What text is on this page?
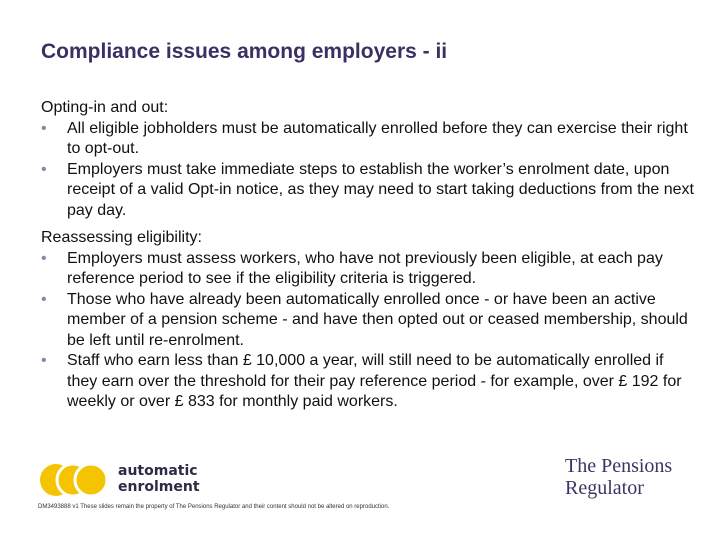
Compliance issues among employers - ii
Opting-in and out:
• All eligible jobholders must be automatically enrolled before they can exercise their right to opt-out.
• Employers must take immediate steps to establish the worker’s enrolment date, upon receipt of a valid Opt-in notice, as they may need to start taking deductions from the next pay day.
Reassessing eligibility:
• Employers must assess workers, who have not previously been eligible, at each pay reference period to see if the eligibility criteria is triggered.
• Those who have already been automatically enrolled once - or have been an active member of a pension scheme - and have then opted out or ceased membership, should be left until re-enrolment.
• Staff who earn less than £ 10,000 a year, will still need to be automatically enrolled if they earn over the threshold for their pay reference period - for example, over £ 192 for weekly or over £ 833 for monthly paid workers.
automatic
enrolment
The Pensions
Regulator
DM3493888 v1 These slides remain the property of The Pensions Regulator and their content should not be altered on reproduction.
